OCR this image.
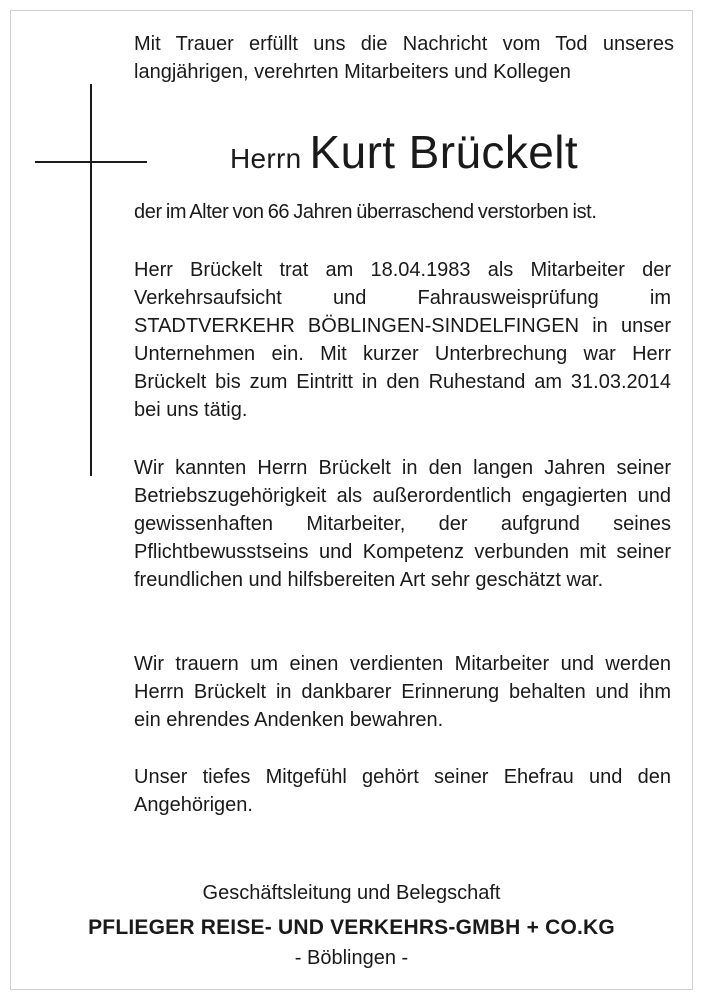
Mit Trauer erfüllt uns die Nachricht vom Tod unseres langjährigen, verehrten Mitarbeiters und Kollegen

Herrn Kurt Brückelt
der im Alter von 66 Jahren überraschend verstorben ist.

Herr Brückelt trat am 18.04.1983 als Mitarbeiter der Verkehrsaufsicht und Fahrausweisprüfung im STADTVERKEHR BÖBLINGEN-SINDELFINGEN in unser Unternehmen ein. Mit kurzer Unterbrechung war Herr Brückelt bis zum Eintritt in den Ruhestand am 31.03.2014 bei uns tätig.

Wir kannten Herrn Brückelt in den langen Jahren seiner Betriebszugehörigkeit als außerordentlich engagierten und gewissenhaften Mitarbeiter, der aufgrund seines Pflichtbewusstseins und Kompetenz verbunden mit seiner freundlichen und hilfsbereiten Art sehr geschätzt war.

Wir trauern um einen verdienten Mitarbeiter und werden Herrn Brückelt in dankbarer Erinnerung behalten und ihm ein ehrendes Andenken bewahren.

Unser tiefes Mitgefühl gehört seiner Ehefrau und den Angehörigen.

Geschäftsleitung und Belegschaft
PFLIEGER REISE- UND VERKEHRS-GMBH + CO.KG
- Böblingen -
